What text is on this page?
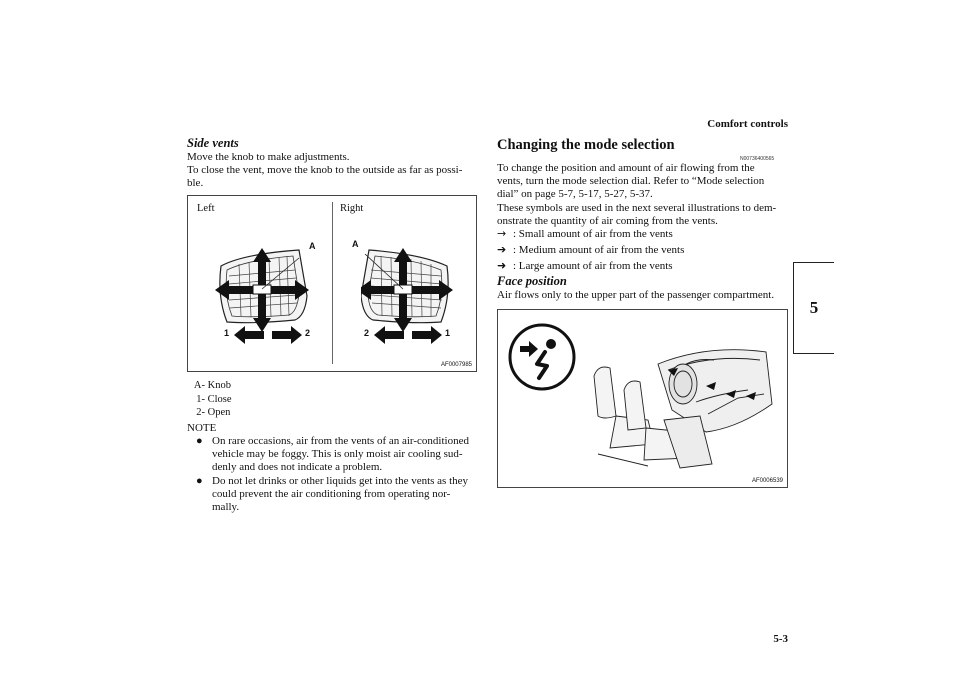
Comfort controls
5
5-3
Side vents
Move the knob to make adjustments.
To close the vent, move the knob to the outside as far as possi-
ble.
Left	Right
A
1	2
A
2	1
AF0007985
A- Knob
1- Close
2- Open
NOTE
● On rare occasions, air from the vents of an air-conditioned
vehicle may be foggy. This is only moist air cooling sud-
denly and does not indicate a problem.
● Do not let drinks or other liquids get into the vents as they
could prevent the air conditioning from operating nor-
mally.
Changing the mode selection
N00736400565
To change the position and amount of air flowing from the
vents, turn the mode selection dial. Refer to “Mode selection
dial” on page 5-7, 5-17, 5-27, 5-37.
These symbols are used in the next several illustrations to dem-
onstrate the quantity of air coming from the vents.
→ : Small amount of air from the vents
➔ : Medium amount of air from the vents
➜ : Large amount of air from the vents
Face position
Air flows only to the upper part of the passenger compartment.
AF0006539
